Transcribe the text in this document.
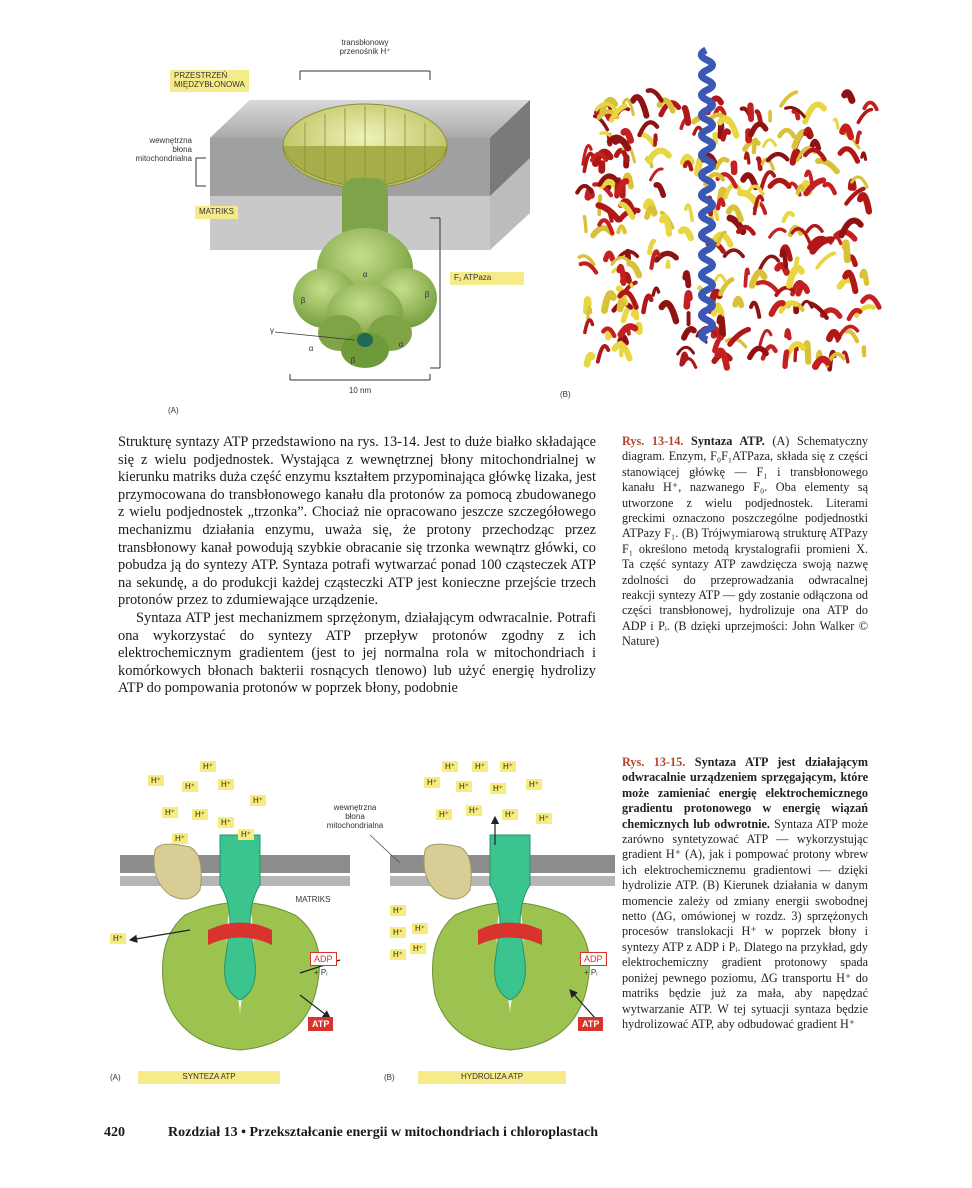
transbłonowy
przenośnik H⁺
PRZESTRZEŃ
MIĘDZYBŁONOWA
wewnętrzna
błona
mitochondrialna
MATRIKS
F₁ ATPaza
α
β
β
γ
α	α
β
10 nm
(A)
(B)

Strukturę syntazy ATP przedstawiono na rys. 13-14. Jest to duże białko składające się z wielu podjednostek. Wystająca z wewnętrznej błony mitochondrialnej w kierunku matriks duża część enzymu kształtem przypominająca główkę lizaka, jest przymocowana do transbłonowego kanału dla protonów za pomocą zbudowanego z wielu podjednostek „trzonka”. Chociaż nie opracowano jeszcze szczegółowego mechanizmu działania enzymu, uważa się, że protony przechodząc przez transbłonowy kanał powodują szybkie obracanie się trzonka wewnątrz główki, co pobudza ją do syntezy ATP. Syntaza potrafi wytwarzać ponad 100 cząsteczek ATP na sekundę, a do produkcji każdej cząsteczki ATP jest konieczne przejście trzech protonów przez to zdumiewające urządzenie.

Syntaza ATP jest mechanizmem sprzężonym, działającym odwracalnie. Potrafi ona wykorzystać do syntezy ATP przepływ protonów zgodny z ich elektrochemicznym gradientem (jest to jej normalna rola w mitochondriach i komórkowych błonach bakterii rosnących tlenowo) lub użyć energię hydrolizy ATP do pompowania protonów w poprzek błony, podobnie

Rys. 13-14. Syntaza ATP. (A) Schematyczny diagram. Enzym, F₀F₁ATPaza, składa się z części stanowiącej główkę — F₁ i transbłonowego kanału H⁺, nazwanego F₀. Oba elementy są utworzone z wielu podjednostek. Literami greckimi oznaczono poszczególne podjednostki ATPazy F₁. (B) Trójwymiarową strukturę ATPazy F₁ określono metodą krystalografii promieni X. Ta część syntazy ATP zawdzięcza swoją nazwę zdolności do przeprowadzania odwracalnej reakcji syntezy ATP — gdy zostanie odłączona od części transbłonowej, hydrolizuje ona ATP do ADP i Pᵢ. (B dzięki uprzejmości: John Walker © Nature)
Rys. 13-15. Syntaza ATP jest działającym odwracalnie urządzeniem sprzęgającym, które może zamieniać energię elektrochemicznego gradientu protonowego w energię wiązań chemicznych lub odwrotnie. Syntaza ATP może zarówno syntetyzować ATP — wykorzystując gradient H⁺ (A), jak i pompować protony wbrew ich elektrochemicznemu gradientowi — dzięki hydrolizie ATP. (B) Kierunek działania w danym momencie zależy od zmiany energii swobodnej netto (ΔG, omówionej w rozdz. 3) sprzężonych procesów translokacji H⁺ w poprzek błony i syntezy ATP z ADP i Pᵢ. Dlatego na przykład, gdy elektrochemiczny gradient protonowy spada poniżej pewnego poziomu, ΔG transportu H⁺ do matriks będzie już za mała, aby napędzać wytwarzanie ATP. W tej sytuacji syntaza będzie hydrolizować ATP, aby odbudować gradient H⁺
H⁺
H⁺
H⁺	H⁺
H⁺
H⁺	H⁺
H⁺
H⁺	H⁺
H⁺
H⁺	H⁺	H⁺
H⁺	H⁺	H⁺	H⁺
H⁺	H⁺	H⁺	H⁺
H⁺
H⁺	H⁺
H⁺
H⁺
wewnętrzna
błona
mitochondrialna
MATRIKS
ADP
+ Pᵢ
ATP
ADP
+ Pᵢ
ATP
(A)	SYNTEZA ATP	(B)	HYDROLIZA ATP
420	Rozdział 13 • Przekształcanie energii w mitochondriach i chloroplastach
